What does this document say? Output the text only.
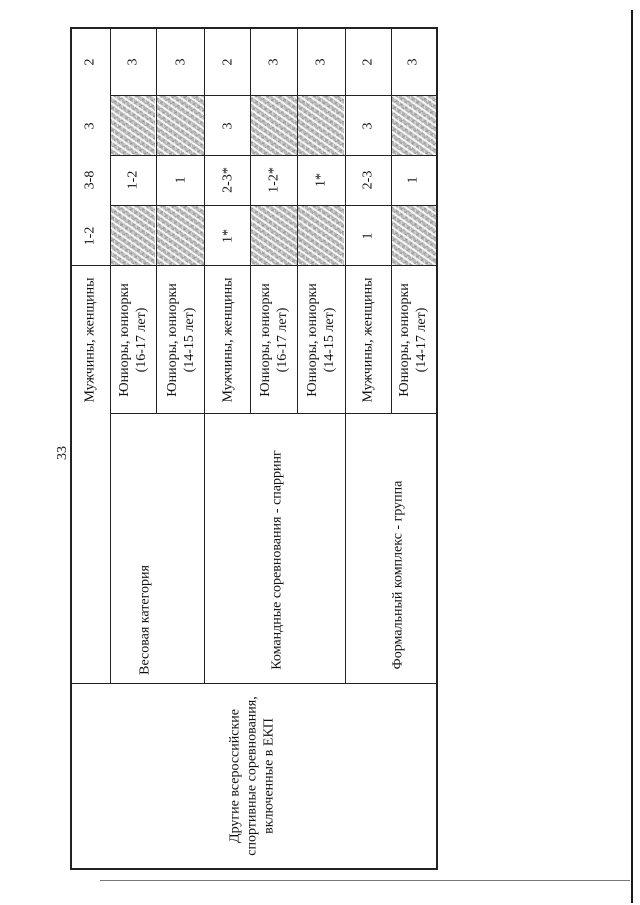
33
Другие всероссийские спортивные соревнования, включенные в ЕКП
Весовая категория	Командные соревнования - спарринг	Формальный комплекс - группа
Мужчины, женщины
1-2
3-8
3
2
Юниоры, юниорки (16-17 лет)
1-2
3
Юниоры, юниорки (14-15 лет)
1
3
Мужчины, женщины
1*
2-3*
3
2
Юниоры, юниорки (16-17 лет)
1-2*
3
Юниоры, юниорки (14-15 лет)
1*
3
Мужчины, женщины
1
2-3
3
2
Юниоры, юниорки (14-17 лет)
1
3
